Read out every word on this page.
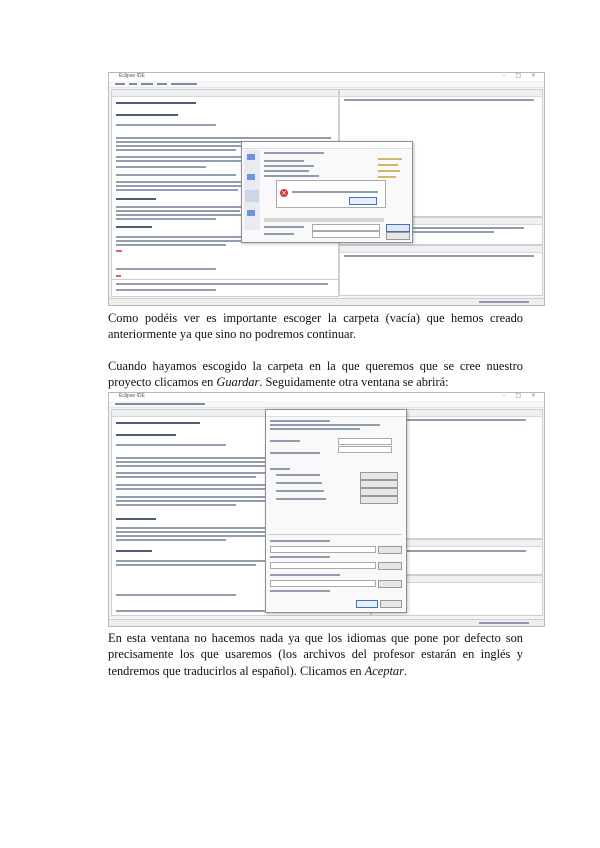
Eclipse IDE	– □ ×
×

Como podéis ver es importante escoger la carpeta (vacía) que hemos creado anteriormente ya que sino no podremos continuar.

Cuando hayamos escogido la carpeta en la que queremos que se cree nuestro proyecto clicamos en Guardar. Seguidamente otra ventana se abrirá:

Eclipse IDE	– □ ×

En esta ventana no hacemos nada ya que los idiomas que pone por defecto son precisamente los que usaremos (los archivos del profesor estarán en inglés y tendremos que traducirlos al español). Clicamos en Aceptar.
